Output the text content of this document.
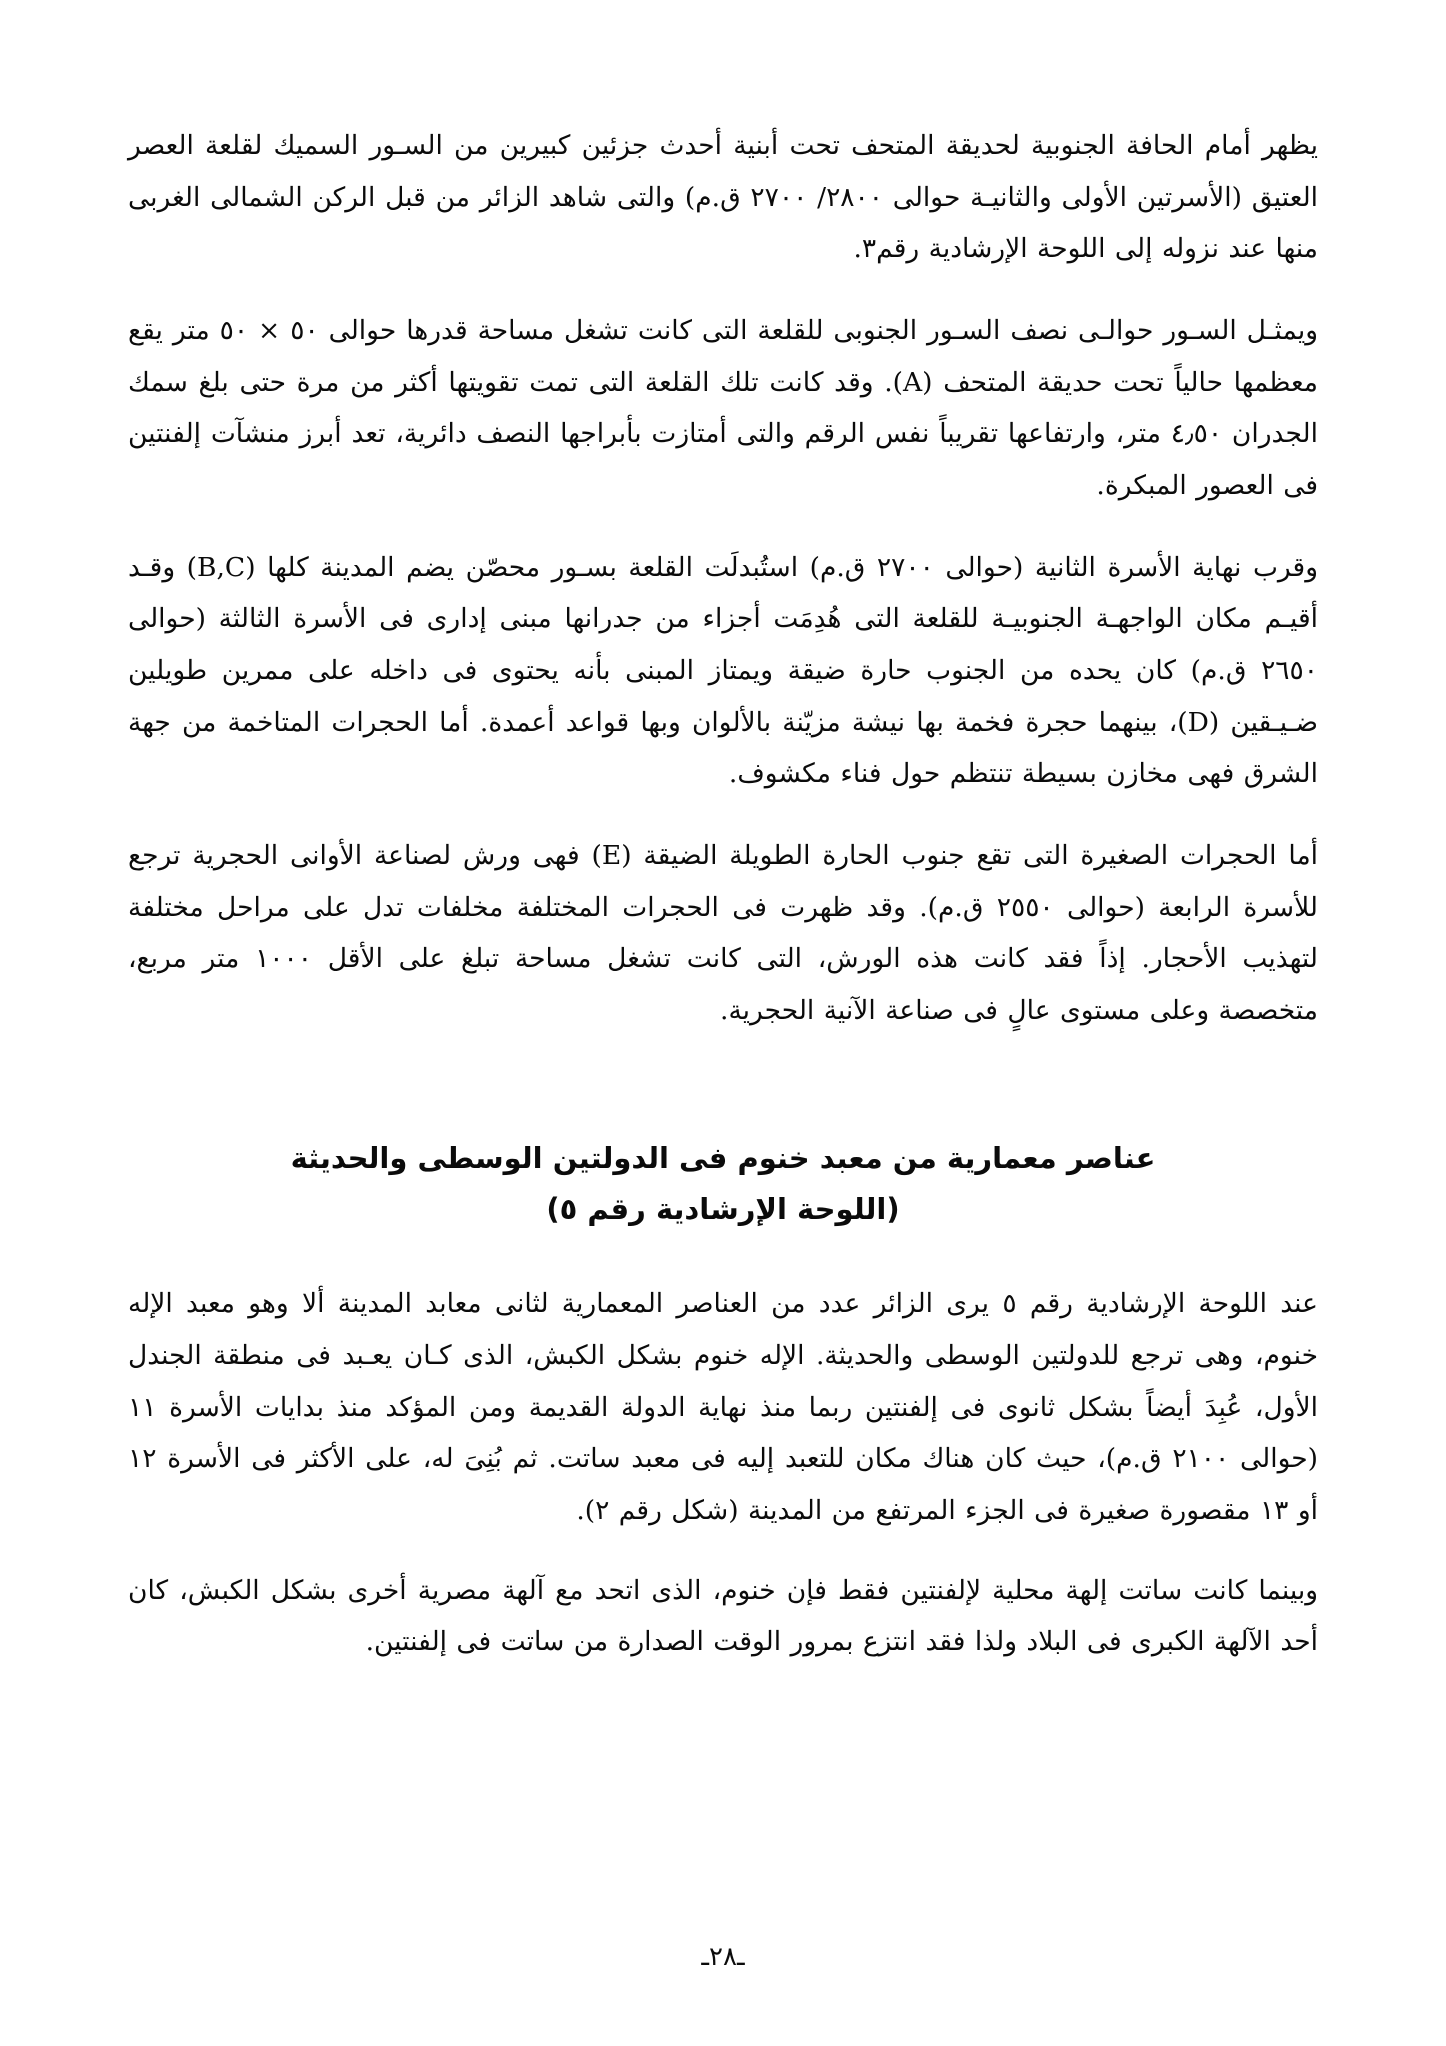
يظهر أمام الحافة الجنوبية لحديقة المتحف تحت أبنية أحدث جزئين كبيرين من السـور السميك لقلعة العصر العتيق (الأسرتين الأولى والثانيـة حوالى ٢٨٠٠/ ٢٧٠٠ ق.م) والتى شاهد الزائر من قبل الركن الشمالى الغربى منها عند نزوله إلى اللوحة الإرشادية رقم٣.

ويمثـل السـور حوالـى نصف السـور الجنوبى للقلعة التى كانت تشغل مساحة قدرها حوالى ٥٠ × ٥٠ متر يقع معظمها حالياً تحت حديقة المتحف (A). وقد كانت تلك القلعة التى تمت تقويتها أكثر من مرة حتى بلغ سمك الجدران ٤٫٥٠ متر، وارتفاعها تقريباً نفس الرقم والتى أمتازت بأبراجها النصف دائرية، تعد أبرز منشآت إلفنتين فى العصور المبكرة.

وقرب نهاية الأسرة الثانية (حوالى ٢٧٠٠ ق.م) استُبدلَت القلعة بسـور محصّن يضم المدينة كلها (B,C) وقـد أقيـم مكان الواجهـة الجنوبيـة للقلعة التى هُدِمَت أجزاء من جدرانها مبنى إدارى فى الأسرة الثالثة (حوالى ٢٦٥٠ ق.م) كان يحده من الجنوب حارة ضيقة ويمتاز المبنى بأنه يحتوى فى داخله على ممرين طويلين ضـيـقين (D)، بينهما حجرة فخمة بها نيشة مزيّنة بالألوان وبها قواعد أعمدة. أما الحجرات المتاخمة من جهة الشرق فهى مخازن بسيطة تنتظم حول فناء مكشوف.

أما الحجرات الصغيرة التى تقع جنوب الحارة الطويلة الضيقة (E) فهى ورش لصناعة الأوانى الحجرية ترجع للأسرة الرابعة (حوالى ٢٥٥٠ ق.م). وقد ظهرت فى الحجرات المختلفة مخلفات تدل على مراحل مختلفة لتهذيب الأحجار. إذاً فقد كانت هذه الورش، التى كانت تشغل مساحة تبلغ على الأقل ١٠٠٠ متر مربع، متخصصة وعلى مستوى عالٍ فى صناعة الآنية الحجرية.

عناصر معمارية من معبد خنوم فى الدولتين الوسطى والحديثة
(اللوحة الإرشادية رقم ٥)

عند اللوحة الإرشادية رقم ٥ يرى الزائر عدد من العناصر المعمارية لثانى معابد المدينة ألا وهو معبد الإله خنوم، وهى ترجع للدولتين الوسطى والحديثة. الإله خنوم بشكل الكبش، الذى كـان يعـبد فى منطقة الجندل الأول، عُبِدَ أيضاً بشكل ثانوى فى إلفنتين ربما منذ نهاية الدولة القديمة ومن المؤكد منذ بدايات الأسرة ١١ (حوالى ٢١٠٠ ق.م)، حيث كان هناك مكان للتعبد إليه فى معبد ساتت. ثم بُنِىَ له، على الأكثر فى الأسرة ١٢ أو ١٣ مقصورة صغيرة فى الجزء المرتفع من المدينة (شكل رقم ٢).

وبينما كانت ساتت إلهة محلية لإلفنتين فقط فإن خنوم، الذى اتحد مع آلهة مصرية أخرى بشكل الكبش، كان أحد الآلهة الكبرى فى البلاد ولذا فقد انتزع بمرور الوقت الصدارة من ساتت فى إلفنتين.

ـ٢٨ـ
